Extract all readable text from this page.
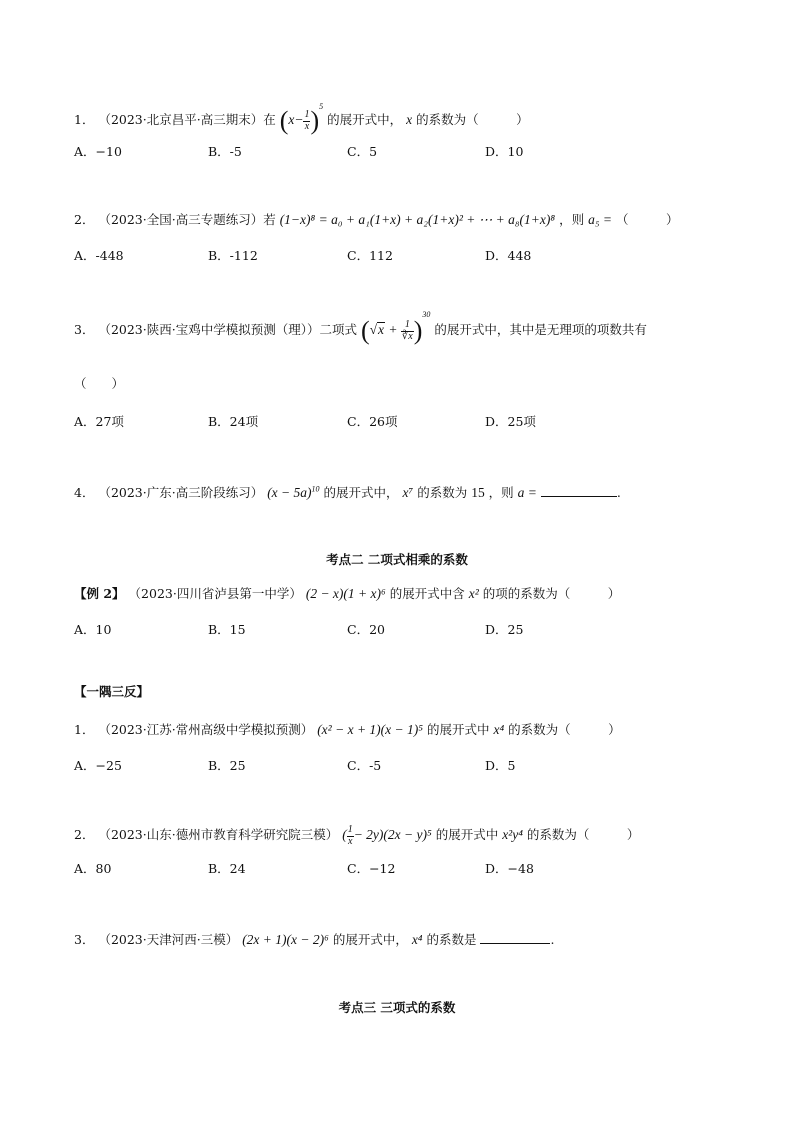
1． （2023·北京昌平·高三期末）在 $(x- \frac{1}{x} )^5$ 的展开式中， x 的系数为（　　　）
A．−10	B．-5	C．5	D．10
2． （2023·全国·高三专题练习）若 (1−x)⁸ = a₀ + a₁(1+x) + a₂(1+x)² + ⋯ + a₈(1+x)⁸ ，则 a₅ = （　　　）
A．-448	B．-112	C．112	D．448
3． （2023·陕西·宝鸡中学模拟预测（理））二项式 $(√x + \frac{1}{∛x} )^{30}$ 的展开式中，其中是无理项的项数共有
（　　）
A．27项	B．24项	C．26项	D．25项
4． （2023·广东·高三阶段练习） $(x - 5a)^{10}$ 的展开式中， x⁷ 的系数为 15 ，则 a =	.
考点二 二项式相乘的系数
【例 2】 （2023·四川省泸县第一中学） (2 − x)(1 + x)⁶ 的展开式中含 x² 的项的系数为（　　　）
A．10	B．15	C．20	D．25
【一隅三反】
1． （2023·江苏·常州高级中学模拟预测） (x² − x + 1)(x − 1)⁵ 的展开式中 x⁴ 的系数为（　　　）
A．−25	B．25	C．-5	D．5
2． （2023·山东·德州市教育科学研究院三模） ( $\frac{1}{x} - 2y)(2x - y)^5$ 的展开式中 x²y⁴ 的系数为（　　　）
A．80	B．24	C．−12	D．−48
3． （2023·天津河西·三模） (2x + 1)(x − 2)⁶ 的展开式中， x⁴ 的系数是	.
考点三 三项式的系数
